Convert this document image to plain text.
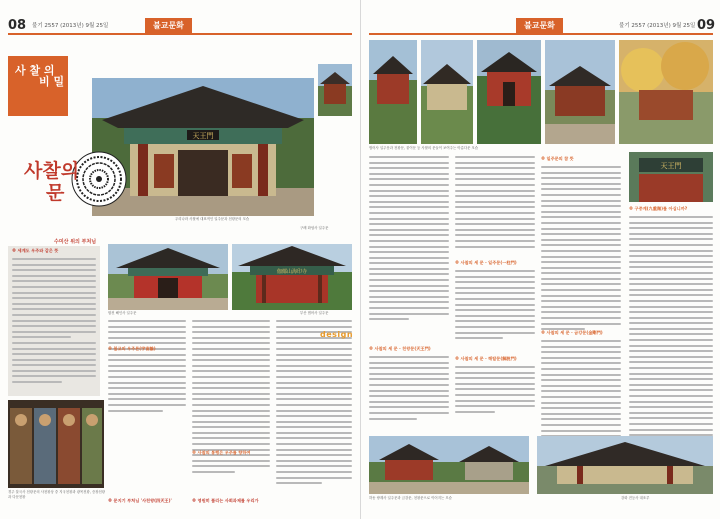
08 불기 2557 (2013년) 9월 25일	불교문화
사 찰 의
비 밀
天王門
우리나라 사찰에 대표적인 일주문과 천왕문의 모습
사찰의
문
구례 화엄사 일주문
수미산 위의 부처님
※ 세계도 우주와 같은 뜻
합천 해인사 일주문
伽倻山海印寺
부산 범어사 일주문
※ 불교의 우주론(宇宙論)
※ 사찰의 통행은 우주를 향하여
design
경주 불국사 천왕문의 사천왕상 중 지국천왕과 광목천왕, 증장천왕과 다문천왕
※ 문지기 부처님 '사천왕(四天王)'	※ 영원히 풀리는 사회과제를 우리가
불교문화	불기 2557 (2013년) 9월 25일 09
범어사 일주문과 천왕문, 불이문 등 사찰의 문들이 보여주는 아름다운 모습
※ 사찰의 세 문 · 일주문(一柱門)
※ 일주문의 참 뜻
天王門
※ 구중계(九重階)를 아십니까?
※ 사찰의 세 문 · 금강문(金剛門)
※ 사찰의 세 문 · 천왕문(天王門)
※ 사찰의 세 문 · 해탈문(解脫門)
하동 쌍계사 일주문과 금강문, 천왕문으로 이어지는 모습	강화 전등사 대조루
